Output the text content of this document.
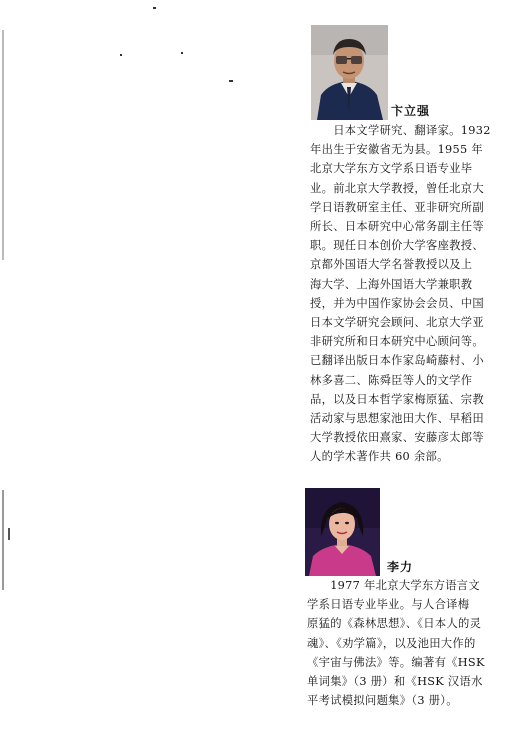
卞立强
　　日本文学研究、翻译家。1932
年出生于安徽省无为县。1955 年
北京大学东方文学系日语专业毕
业。前北京大学教授，曾任北京大
学日语教研室主任、亚非研究所副
所长、日本研究中心常务副主任等
职。现任日本创价大学客座教授、
京都外国语大学名誉教授以及上
海大学、上海外国语大学兼职教
授，并为中国作家协会会员、中国
日本文学研究会顾问、北京大学亚
非研究所和日本研究中心顾问等。
已翻译出版日本作家岛崎藤村、小
林多喜二、陈舜臣等人的文学作
品，以及日本哲学家梅原猛、宗教
活动家与思想家池田大作、早稻田
大学教授依田熹家、安藤彦太郎等
人的学术著作共 60 余部。
李力
　　1977 年北京大学东方语言文
学系日语专业毕业。与人合译梅
原猛的《森林思想》、《日本人的灵
魂》、《劝学篇》，以及池田大作的
《宇宙与佛法》等。编著有《HSK
单词集》（3 册）和《HSK 汉语水
平考试模拟问题集》（3 册）。
